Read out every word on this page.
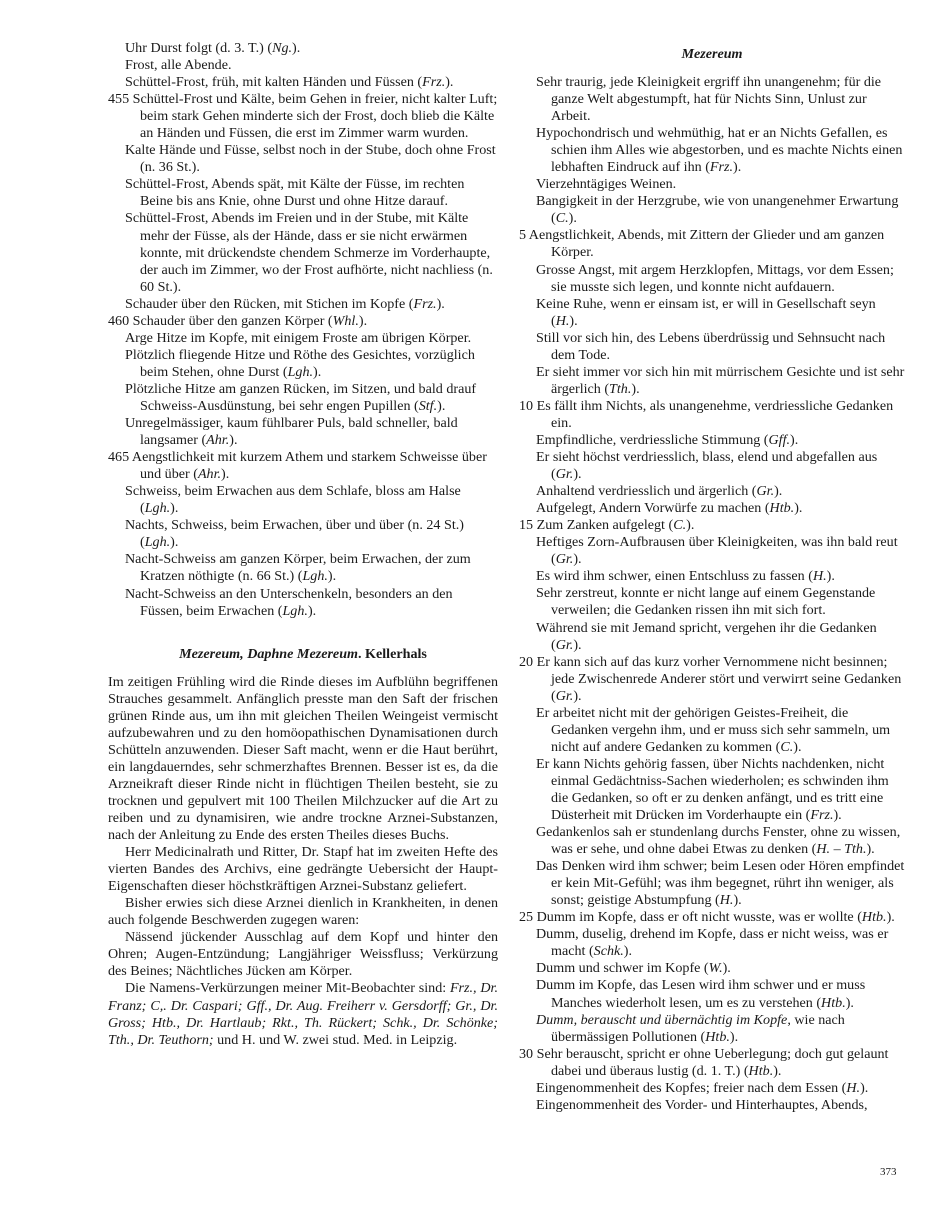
Mezereum

Uhr Durst folgt (d. 3. T.) (Ng.).

Frost, alle Abende.

Schüttel-Frost, früh, mit kalten Händen und Füssen (Frz.).

455 Schüttel-Frost und Kälte, beim Gehen in freier, nicht kalter Luft; beim stark Gehen minderte sich der Frost, doch blieb die Kälte an Händen und Füssen, die erst im Zimmer warm wurden.

Kalte Hände und Füsse, selbst noch in der Stube, doch ohne Frost (n. 36 St.).

Schüttel-Frost, Abends spät, mit Kälte der Füsse, im rechten Beine bis ans Knie, ohne Durst und ohne Hitze darauf.

Schüttel-Frost, Abends im Freien und in der Stube, mit Kälte mehr der Füsse, als der Hände, dass er sie nicht erwärmen konnte, mit drückendste chendem Schmerze im Vorderhaupte, der auch im Zimmer, wo der Frost aufhörte, nicht nachliess (n. 60 St.).

Schauder über den Rücken, mit Stichen im Kopfe (Frz.).

460 Schauder über den ganzen Körper (Whl.).

Arge Hitze im Kopfe, mit einigem Froste am übrigen Körper.

Plötzlich fliegende Hitze und Röthe des Gesichtes, vorzüglich beim Stehen, ohne Durst (Lgh.).

Plötzliche Hitze am ganzen Rücken, im Sitzen, und bald drauf Schweiss-Ausdünstung, bei sehr engen Pupillen (Stf.).

Unregelmässiger, kaum fühlbarer Puls, bald schneller, bald langsamer (Ahr.).

465 Aengstlichkeit mit kurzem Athem und starkem Schweisse über und über (Ahr.).

Schweiss, beim Erwachen aus dem Schlafe, bloss am Halse (Lgh.).

Nachts, Schweiss, beim Erwachen, über und über (n. 24 St.) (Lgh.).

Nacht-Schweiss am ganzen Körper, beim Erwachen, der zum Kratzen nöthigte (n. 66 St.) (Lgh.).

Nacht-Schweiss an den Unterschenkeln, besonders an den Füssen, beim Erwachen (Lgh.).

Mezereum, Daphne Mezereum. Kellerhals

Im zeitigen Frühling wird die Rinde dieses im Aufblühn begriffenen Strauches gesammelt. Anfänglich presste man den Saft der frischen grünen Rinde aus, um ihn mit gleichen Theilen Weingeist vermischt aufzubewahren und zu den homöopathischen Dynamisationen durch Schütteln anzuwenden. Dieser Saft macht, wenn er die Haut berührt, ein langdauerndes, sehr schmerzhaftes Brennen. Besser ist es, da die Arzneikraft dieser Rinde nicht in flüchtigen Theilen besteht, sie zu trocknen und gepulvert mit 100 Theilen Milchzucker auf die Art zu reiben und zu dynamisiren, wie andre trockne Arznei-Substanzen, nach der Anleitung zu Ende des ersten Theiles dieses Buchs.

Herr Medicinalrath und Ritter, Dr. Stapf hat im zweiten Hefte des vierten Bandes des Archivs, eine gedrängte Uebersicht der Haupt-Eigenschaften dieser höchstkräftigen Arznei-Substanz geliefert.

Bisher erwies sich diese Arznei dienlich in Krankheiten, in denen auch folgende Beschwerden zugegen waren:

Nässend jückender Ausschlag auf dem Kopf und hinter den Ohren; Augen-Entzündung; Langjähriger Weissfluss; Verkürzung des Beines; Nächtliches Jücken am Körper.

Die Namens-Verkürzungen meiner Mit-Beobachter sind: Frz., Dr. Franz; C,. Dr. Caspari; Gff., Dr. Aug. Freiherr v. Gersdorff; Gr., Dr. Gross; Htb., Dr. Hartlaub; Rkt., Th. Rückert; Schk., Dr. Schönke; Tth., Dr. Teuthorn; und H. und W. zwei stud. Med. in Leipzig.

Sehr traurig, jede Kleinigkeit ergriff ihn unangenehm; für die ganze Welt abgestumpft, hat für Nichts Sinn, Unlust zur Arbeit.

Hypochondrisch und wehmüthig, hat er an Nichts Gefallen, es schien ihm Alles wie abgestorben, und es machte Nichts einen lebhaften Eindruck auf ihn (Frz.).

Vierzehntägiges Weinen.

Bangigkeit in der Herzgrube, wie von unangenehmer Erwartung (C.).

5 Aengstlichkeit, Abends, mit Zittern der Glieder und am ganzen Körper.

Grosse Angst, mit argem Herzklopfen, Mittags, vor dem Essen; sie musste sich legen, und konnte nicht aufdauern.

Keine Ruhe, wenn er einsam ist, er will in Gesellschaft seyn (H.).

Still vor sich hin, des Lebens überdrüssig und Sehnsucht nach dem Tode.

Er sieht immer vor sich hin mit mürrischem Gesichte und ist sehr ärgerlich (Tth.).

10 Es fällt ihm Nichts, als unangenehme, verdriessliche Gedanken ein.

Empfindliche, verdriessliche Stimmung (Gff.).

Er sieht höchst verdriesslich, blass, elend und abgefallen aus (Gr.).

Anhaltend verdriesslich und ärgerlich (Gr.).

Aufgelegt, Andern Vorwürfe zu machen (Htb.).

15 Zum Zanken aufgelegt (C.).

Heftiges Zorn-Aufbrausen über Kleinigkeiten, was ihn bald reut (Gr.).

Es wird ihm schwer, einen Entschluss zu fassen (H.).

Sehr zerstreut, konnte er nicht lange auf einem Gegenstande verweilen; die Gedanken rissen ihn mit sich fort.

Während sie mit Jemand spricht, vergehen ihr die Gedanken (Gr.).

20 Er kann sich auf das kurz vorher Vernommene nicht besinnen; jede Zwischenrede Anderer stört und verwirrt seine Gedanken (Gr.).

Er arbeitet nicht mit der gehörigen Geistes-Freiheit, die Gedanken vergehn ihm, und er muss sich sehr sammeln, um nicht auf andere Gedanken zu kommen (C.).

Er kann Nichts gehörig fassen, über Nichts nachdenken, nicht einmal Gedächtniss-Sachen wiederholen; es schwinden ihm die Gedanken, so oft er zu denken anfängt, und es tritt eine Düsterheit mit Drücken im Vorderhaupte ein (Frz.).

Gedankenlos sah er stundenlang durchs Fenster, ohne zu wissen, was er sehe, und ohne dabei Etwas zu denken (H. – Tth.).

Das Denken wird ihm schwer; beim Lesen oder Hören empfindet er kein Mit-Gefühl; was ihm begegnet, rührt ihn weniger, als sonst; geistige Abstumpfung (H.).

25 Dumm im Kopfe, dass er oft nicht wusste, was er wollte (Htb.).

Dumm, duselig, drehend im Kopfe, dass er nicht weiss, was er macht (Schk.).

Dumm und schwer im Kopfe (W.).

Dumm im Kopfe, das Lesen wird ihm schwer und er muss Manches wiederholt lesen, um es zu verstehen (Htb.).

Dumm, berauscht und übernächtig im Kopfe, wie nach übermässigen Pollutionen (Htb.).

30 Sehr berauscht, spricht er ohne Ueberlegung; doch gut gelaunt dabei und überaus lustig (d. 1. T.) (Htb.).

Eingenommenheit des Kopfes; freier nach dem Essen (H.).

Eingenommenheit des Vorder- und Hinterhauptes, Abends,

373
